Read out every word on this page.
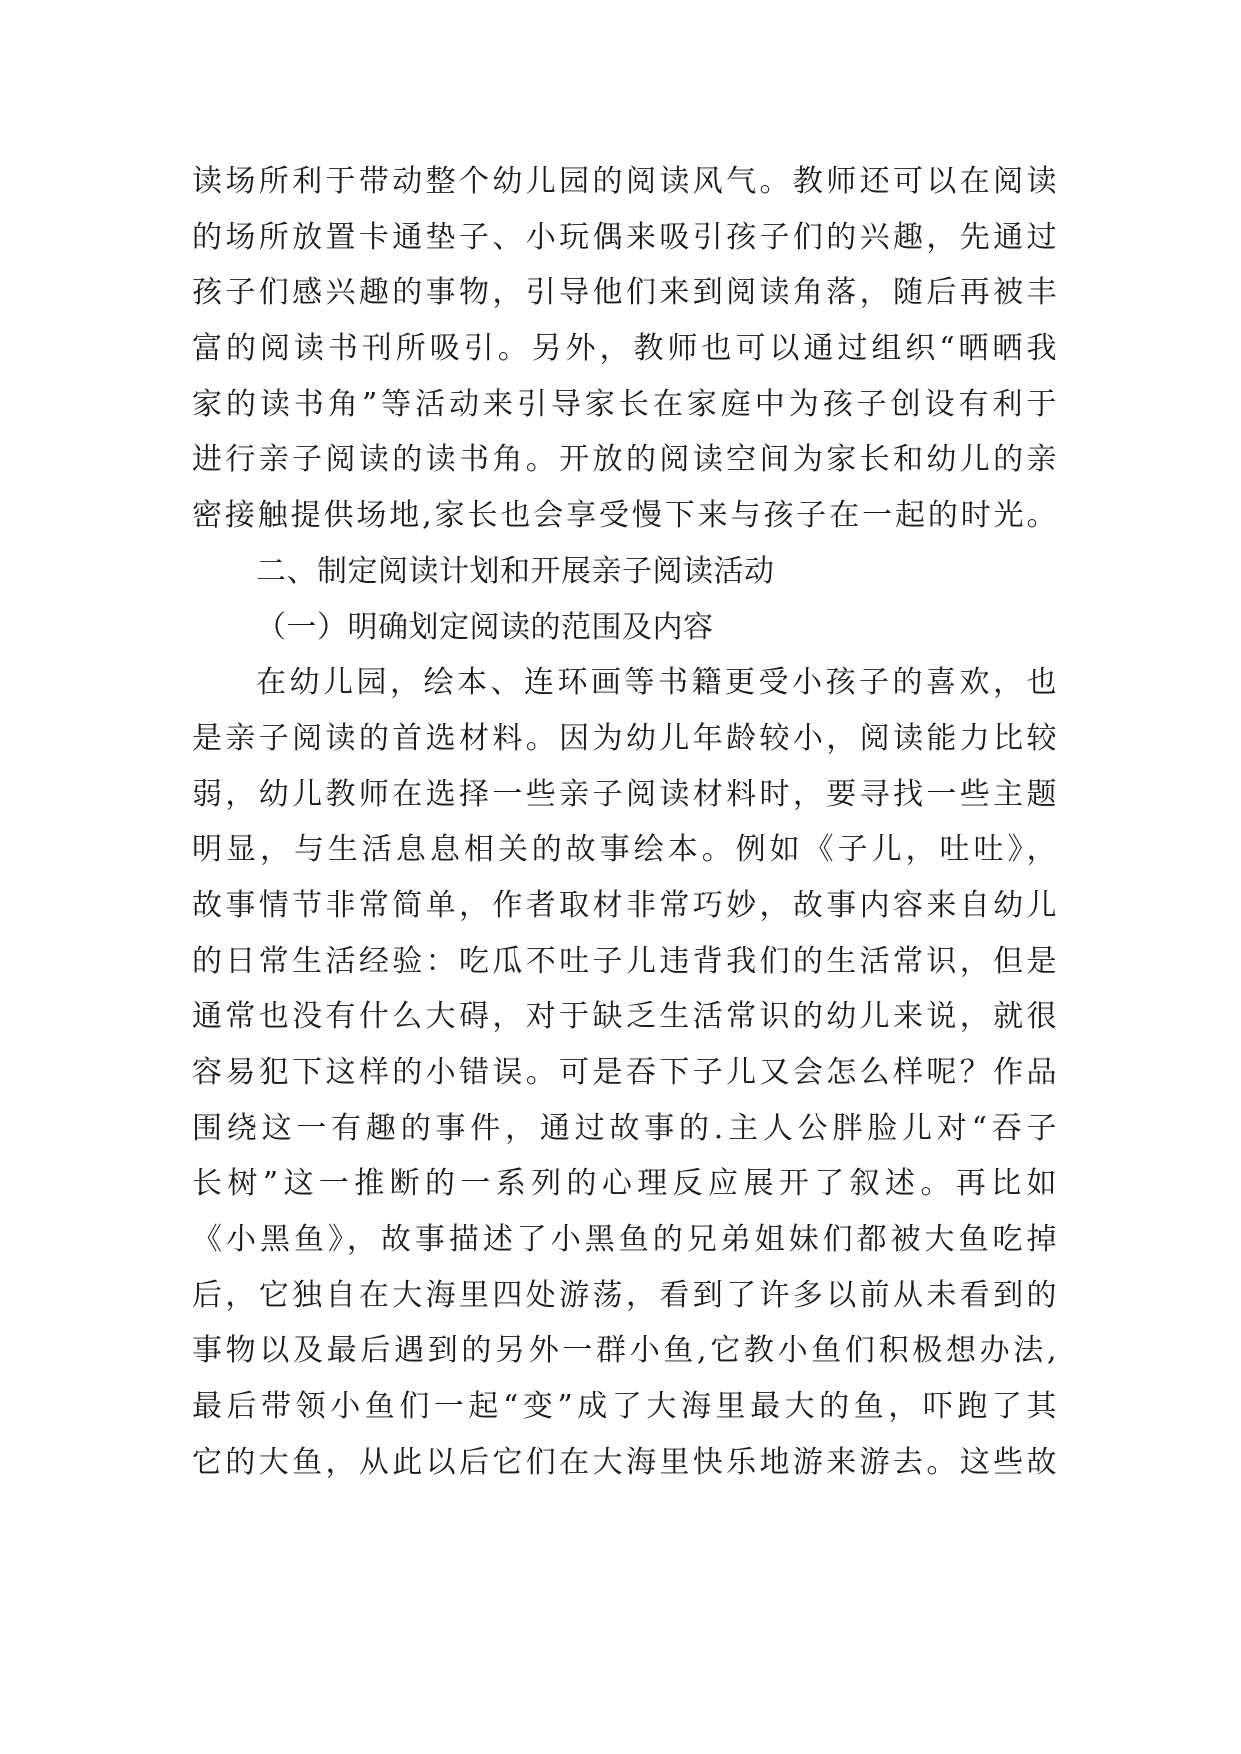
读场所利于带动整个幼儿园的阅读风气。教师还可以在阅读
的场所放置卡通垫子、小玩偶来吸引孩子们的兴趣，先通过
孩子们感兴趣的事物，引导他们来到阅读角落，随后再被丰
富的阅读书刊所吸引。另外，教师也可以通过组织“晒晒我
家的读书角”等活动来引导家长在家庭中为孩子创设有利于
进行亲子阅读的读书角。开放的阅读空间为家长和幼儿的亲
密接触提供场地,家长也会享受慢下来与孩子在一起的时光。
二、制定阅读计划和开展亲子阅读活动
（一）明确划定阅读的范围及内容
在幼儿园，绘本、连环画等书籍更受小孩子的喜欢，也
是亲子阅读的首选材料。因为幼儿年龄较小，阅读能力比较
弱，幼儿教师在选择一些亲子阅读材料时，要寻找一些主题
明显，与生活息息相关的故事绘本。例如《子儿，吐吐》，
故事情节非常简单，作者取材非常巧妙，故事内容来自幼儿
的日常生活经验：吃瓜不吐子儿违背我们的生活常识，但是
通常也没有什么大碍，对于缺乏生活常识的幼儿来说，就很
容易犯下这样的小错误。可是吞下子儿又会怎么样呢？作品
围绕这一有趣的事件，通过故事的.主人公胖脸儿对“吞子
长树”这一推断的一系列的心理反应展开了叙述。再比如
《小黑鱼》，故事描述了小黑鱼的兄弟姐妹们都被大鱼吃掉
后，它独自在大海里四处游荡，看到了许多以前从未看到的
事物以及最后遇到的另外一群小鱼,它教小鱼们积极想办法,
最后带领小鱼们一起“变”成了大海里最大的鱼，吓跑了其
它的大鱼，从此以后它们在大海里快乐地游来游去。这些故
